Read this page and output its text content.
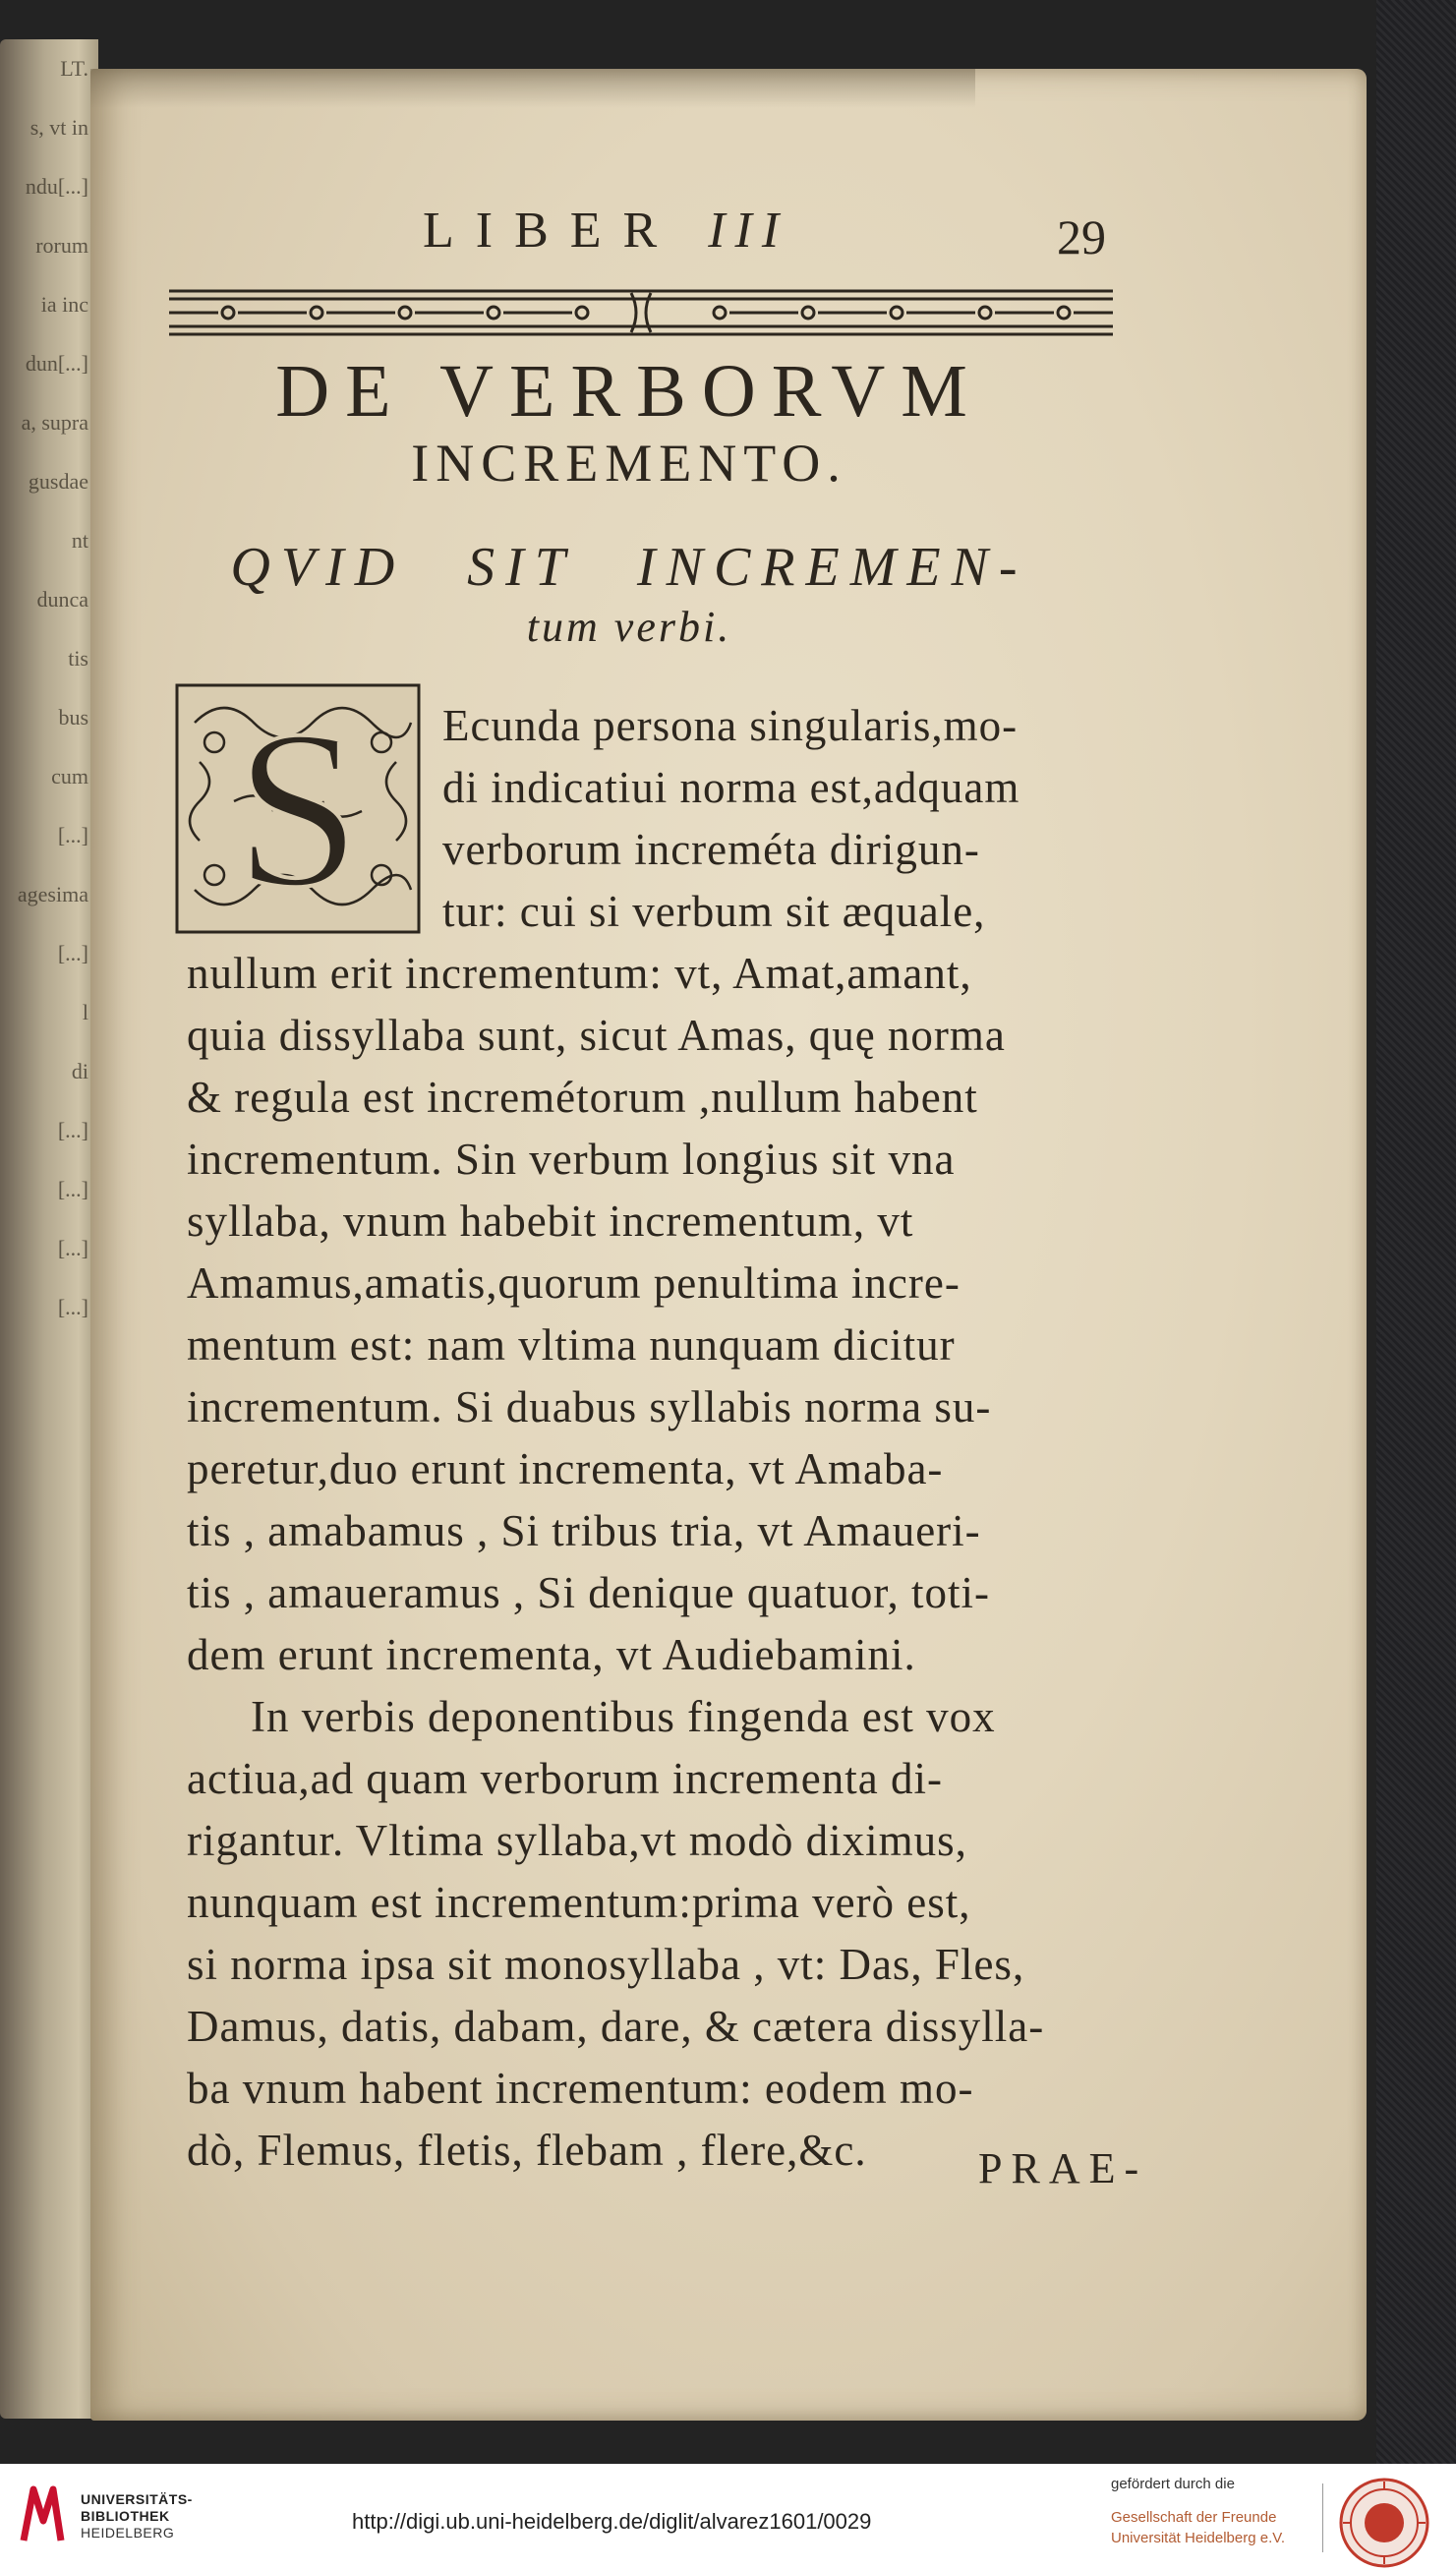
LT.
s, vt in
ndu[...]
rorum
ia inc
dun[...]
a, supra
gusdae
nt
dunca
tis
bus
cum
[...]
agesima
[...]
l
di
[...]
[...]
[...]
[...]
LIBER III	29
DE VERBORVM
INCREMENTO.
QVID SIT INCREMEN-
tum verbi.
S Ecunda persona singularis,mo-
di indicatiui norma est,adquam
verborum increméta dirigun-
tur: cui si verbum sit æquale,
nullum erit incrementum: vt, Amat,amant,
quia dissyllaba sunt, sicut Amas, quę norma
& regula est incremétorum ,nullum habent
incrementum. Sin verbum longius sit vna
syllaba, vnum habebit incrementum, vt
Amamus,amatis,quorum penultima incre-
mentum est: nam vltima nunquam dicitur
incrementum. Si duabus syllabis norma su-
peretur,duo erunt incrementa, vt Amaba-
tis , amabamus , Si tribus tria, vt Amaueri-
tis , amaueramus , Si denique quatuor, toti-
dem erunt incrementa, vt Audiebamini.
In verbis deponentibus fingenda est vox
actiua,ad quam verborum incrementa di-
rigantur. Vltima syllaba,vt modò diximus,
nunquam est incrementum:prima verò est,
si norma ipsa sit monosyllaba , vt: Das, Fles,
Damus, datis, dabam, dare, & cætera dissylla-
ba vnum habent incrementum: eodem mo-
dò, Flemus, fletis, flebam , flere,&c.	PRAE-
UNIVERSITÄTS-
BIBLIOTHEK
HEIDELBERG	http://digi.ub.uni-heidelberg.de/diglit/alvarez1601/0029
gefördert durch die
Gesellschaft der Freunde
Universität Heidelberg e.V.
